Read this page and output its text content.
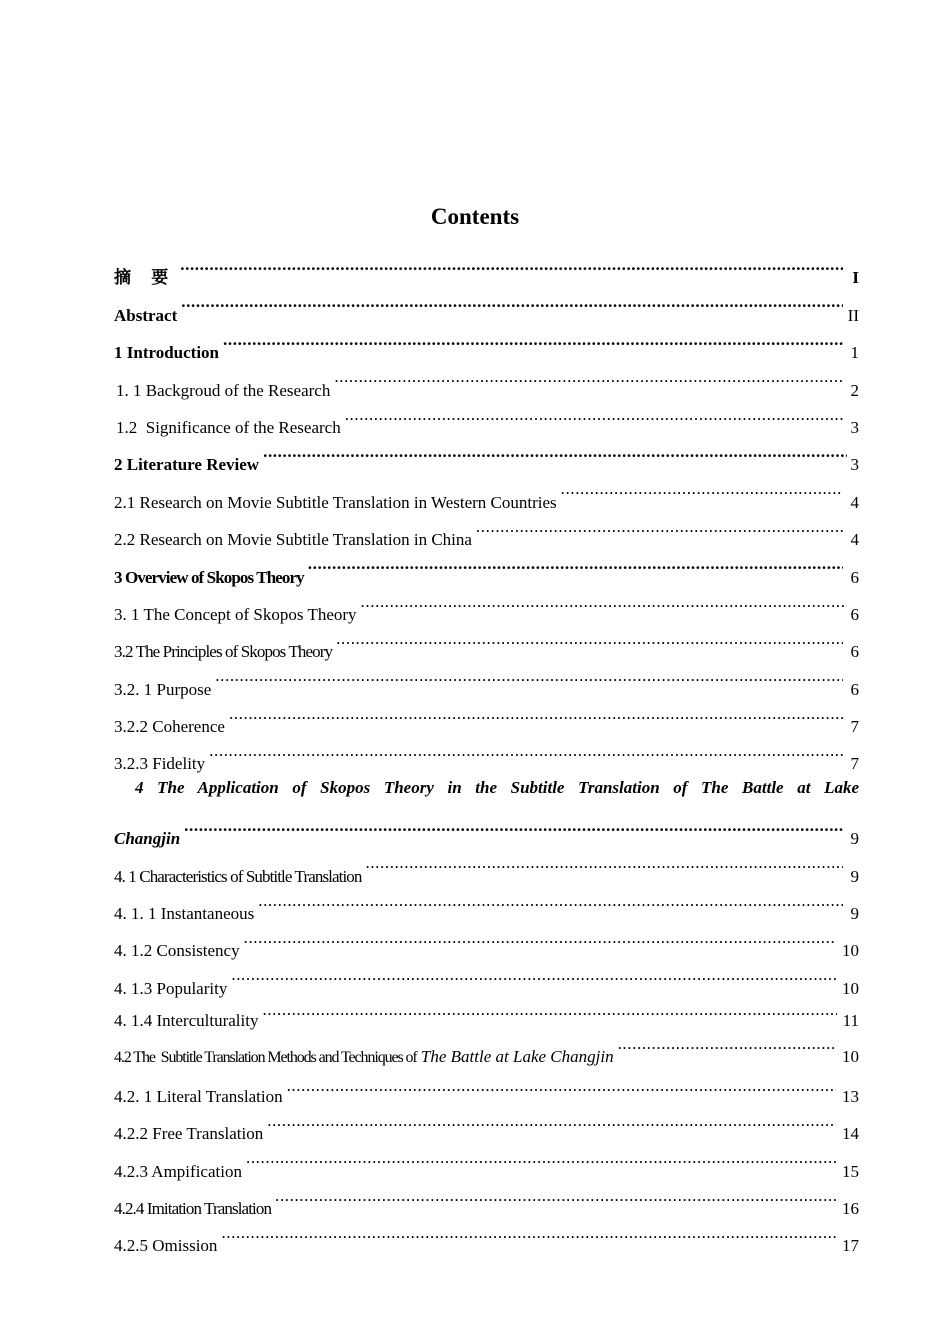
Contents
摘 要 .....	I
Abstract .....	II
1 Introduction .....	1
1. 1 Backgroud of the Research .....	2
1.2  Significance of the Research .....	3
2 Literature Review .....	3
2.1 Research on Movie Subtitle Translation in Western Countries .....	4
2.2 Research on Movie Subtitle Translation in China .....	4
3 Overview of Skopos Theory .....	6
3. 1 The Concept of Skopos Theory .....	6
3.2 The Principles of Skopos Theory .....	6
3.2. 1 Purpose .....	6
3.2.2 Coherence .....	7
3.2.3 Fidelity .....	7
4 The Application of Skopos Theory in the Subtitle Translation of The Battle at Lake
Changjin .....	9
4. 1 Characteristics of Subtitle Translation .....	9
4. 1. 1 Instantaneous .....	9
4. 1.2 Consistency .....	10
4. 1.3 Popularity .....	10
4. 1.4 Interculturality .....	11
4.2 The  Subtitle Translation Methods and Techniques of The Battle at Lake Changjin .....	10
4.2. 1 Literal Translation .....	13
4.2.2 Free Translation .....	14
4.2.3 Ampification .....	15
4.2.4 Imitation Translation .....	16
4.2.5 Omission .....	17
